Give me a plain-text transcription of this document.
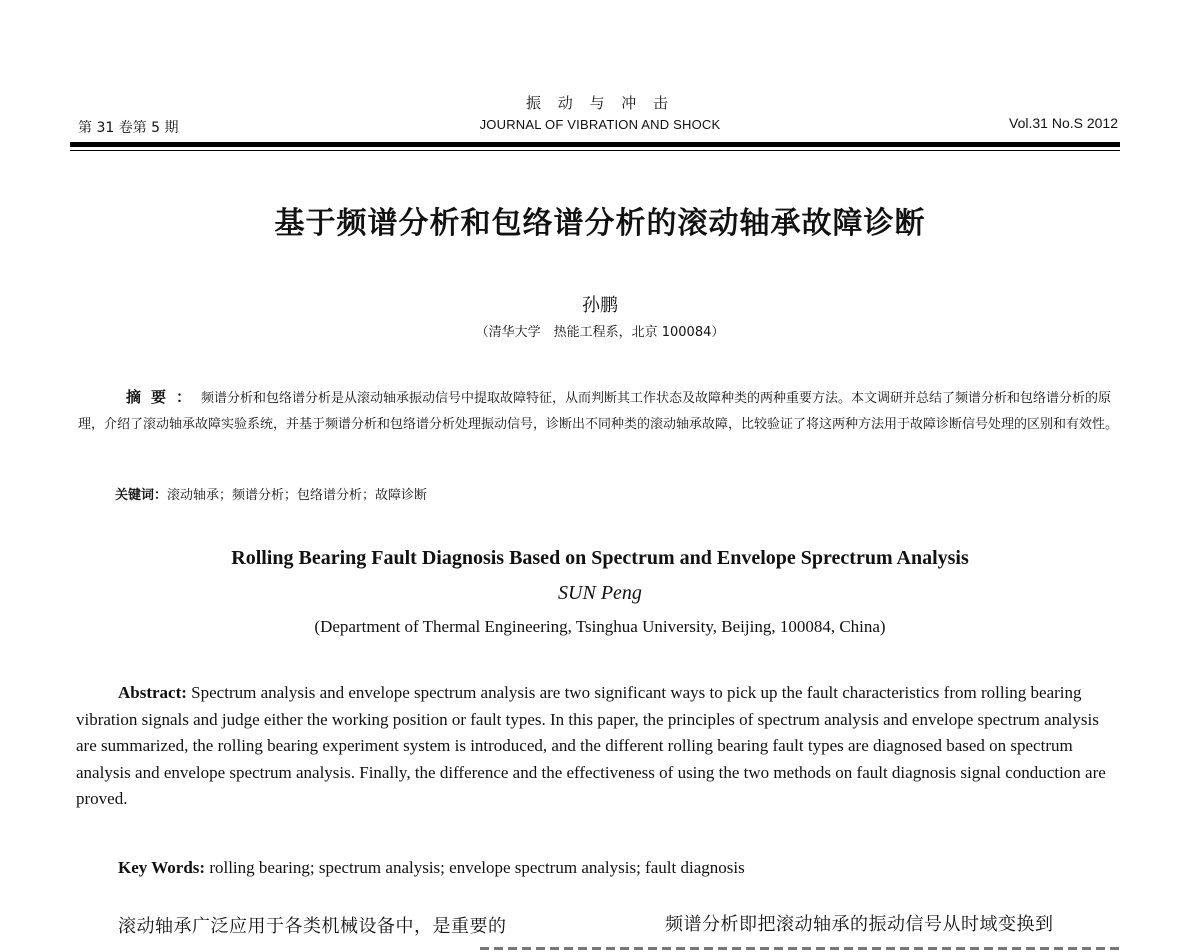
第 31 卷第 5 期
振 动 与 冲 击
JOURNAL OF VIBRATION AND SHOCK	Vol.31 No.S 2012
基于频谱分析和包络谱分析的滚动轴承故障诊断
孙鹏
（清华大学　热能工程系，北京 100084）
摘要：频谱分析和包络谱分析是从滚动轴承振动信号中提取故障特征，从而判断其工作状态及故障种类的两种重要方法。本文调研并总结了频谱分析和包络谱分析的原理，介绍了滚动轴承故障实验系统，并基于频谱分析和包络谱分析处理振动信号，诊断出不同种类的滚动轴承故障，比较验证了将这两种方法用于故障诊断信号处理的区别和有效性。
关键词：滚动轴承；频谱分析；包络谱分析；故障诊断
Rolling Bearing Fault Diagnosis Based on Spectrum and Envelope Sprectrum Analysis
SUN Peng
(Department of Thermal Engineering, Tsinghua University, Beijing, 100084, China)
Abstract: Spectrum analysis and envelope spectrum analysis are two significant ways to pick up the fault characteristics from rolling bearing vibration signals and judge either the working position or fault types. In this paper, the principles of spectrum analysis and envelope spectrum analysis are summarized, the rolling bearing experiment system is introduced, and the different rolling bearing fault types are diagnosed based on spectrum analysis and envelope spectrum analysis. Finally, the difference and the effectiveness of using the two methods on fault diagnosis signal conduction are proved.
Key Words: rolling bearing; spectrum analysis; envelope spectrum analysis; fault diagnosis
滚动轴承广泛应用于各类机械设备中，是重要的	频谱分析即把滚动轴承的振动信号从时域变换到
